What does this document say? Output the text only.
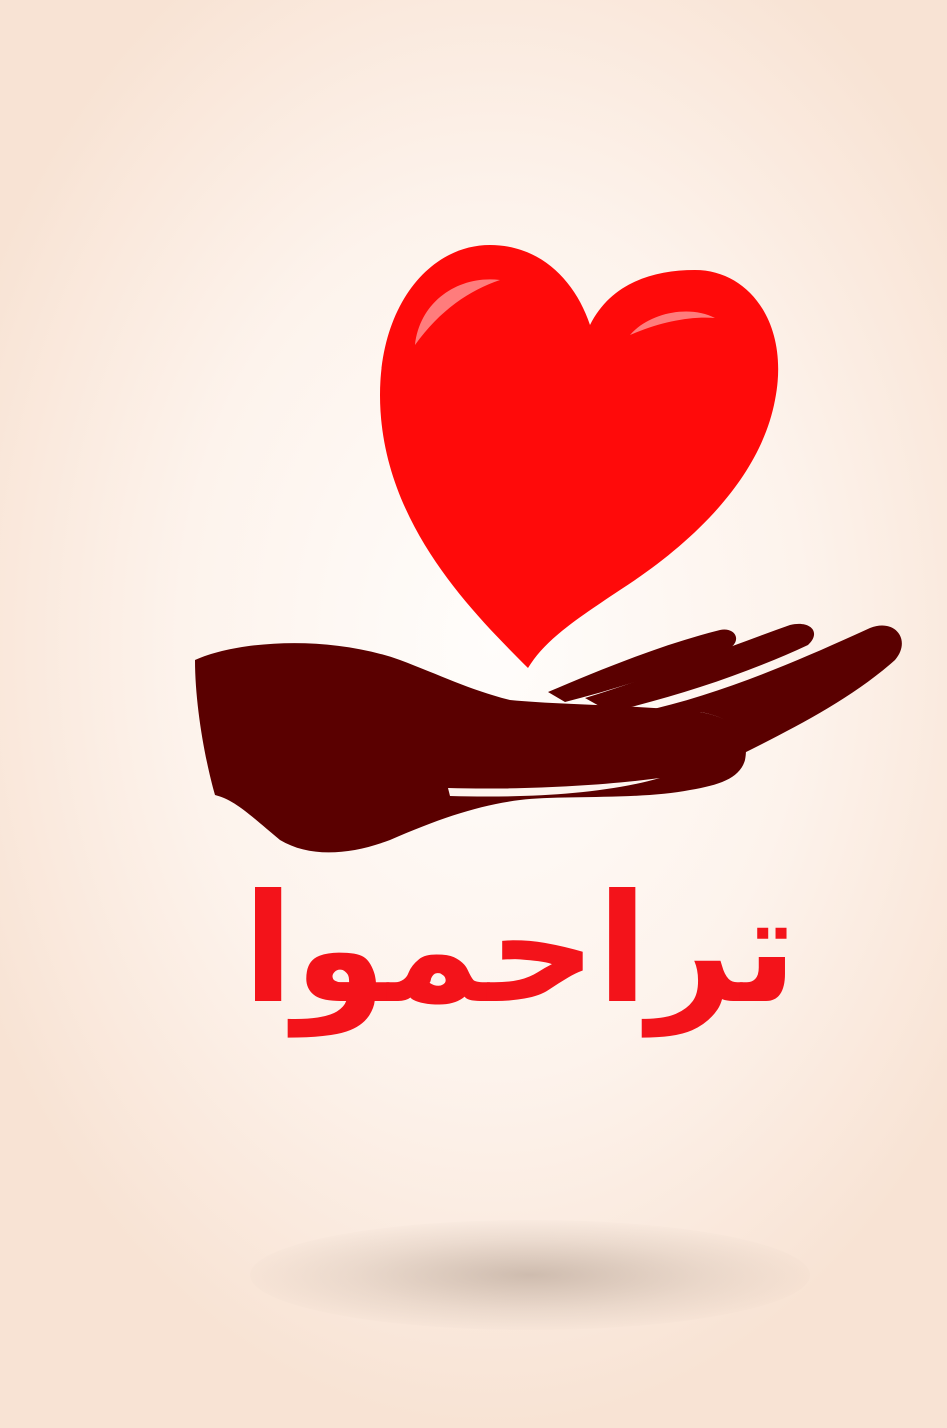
تراحموا
